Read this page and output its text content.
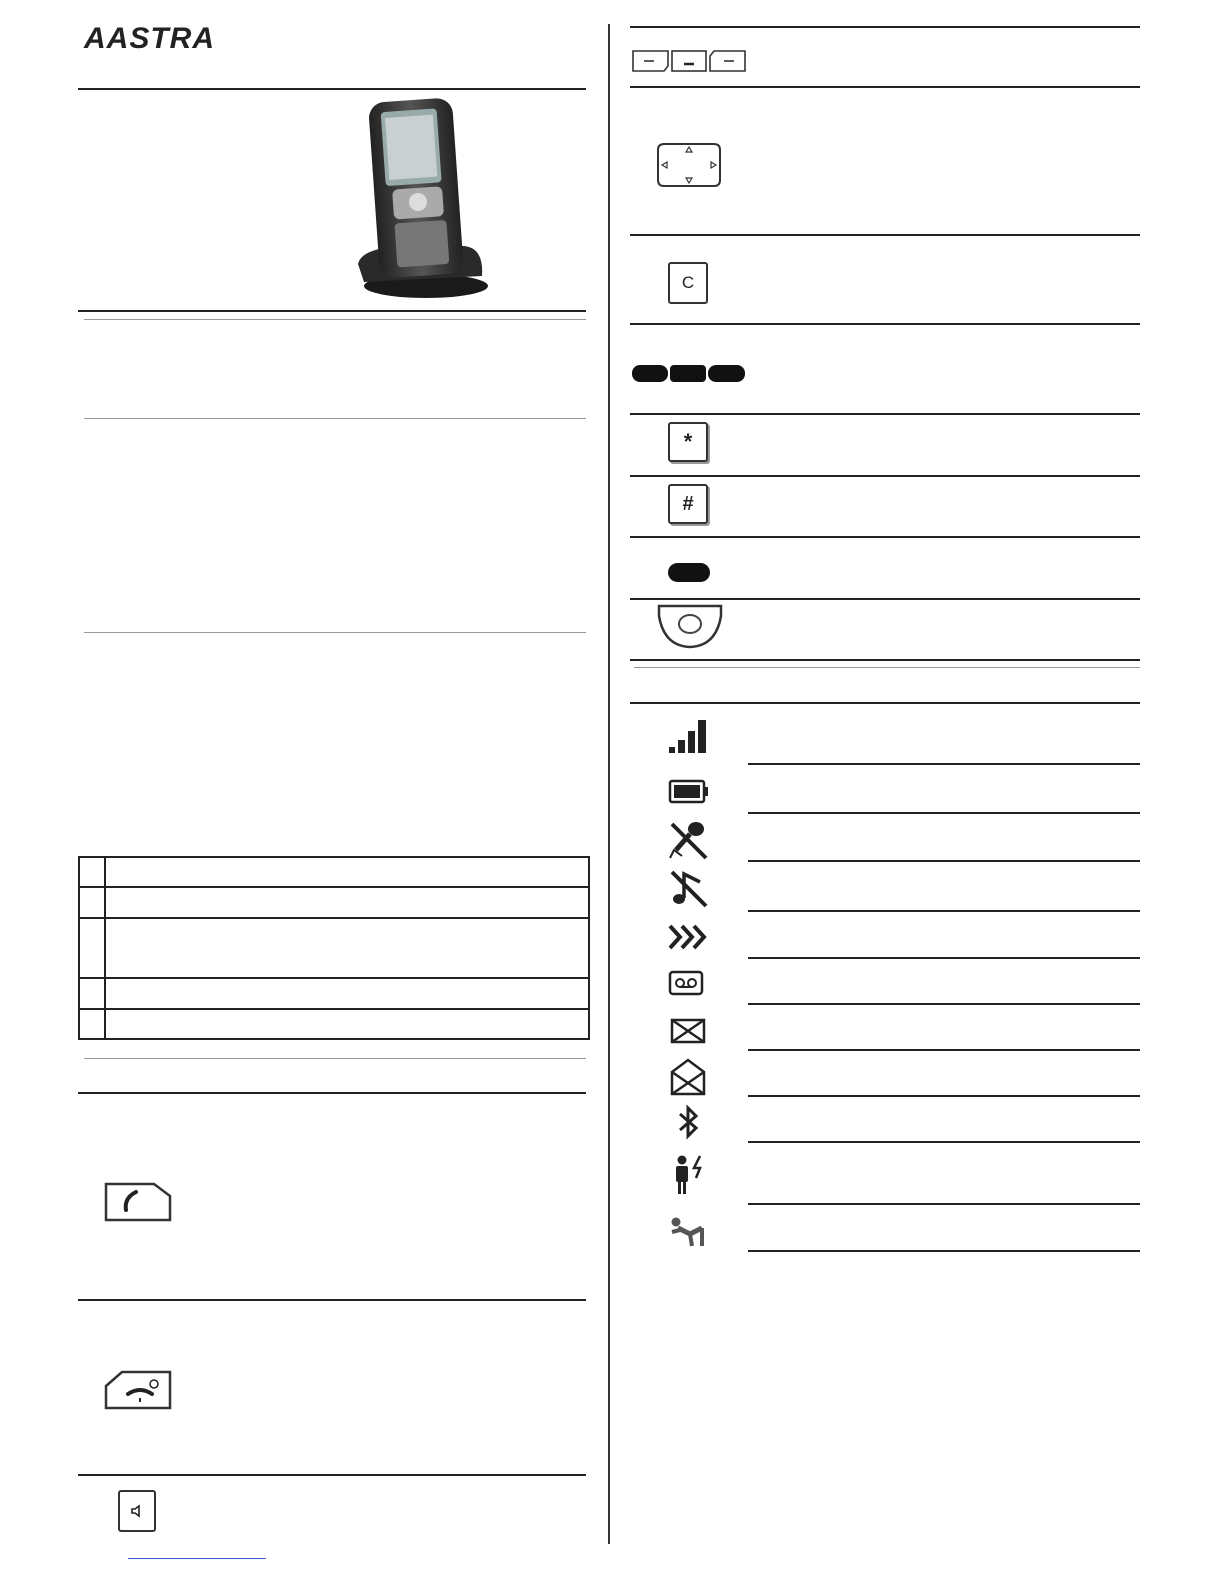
AASTRA

C
*
#
